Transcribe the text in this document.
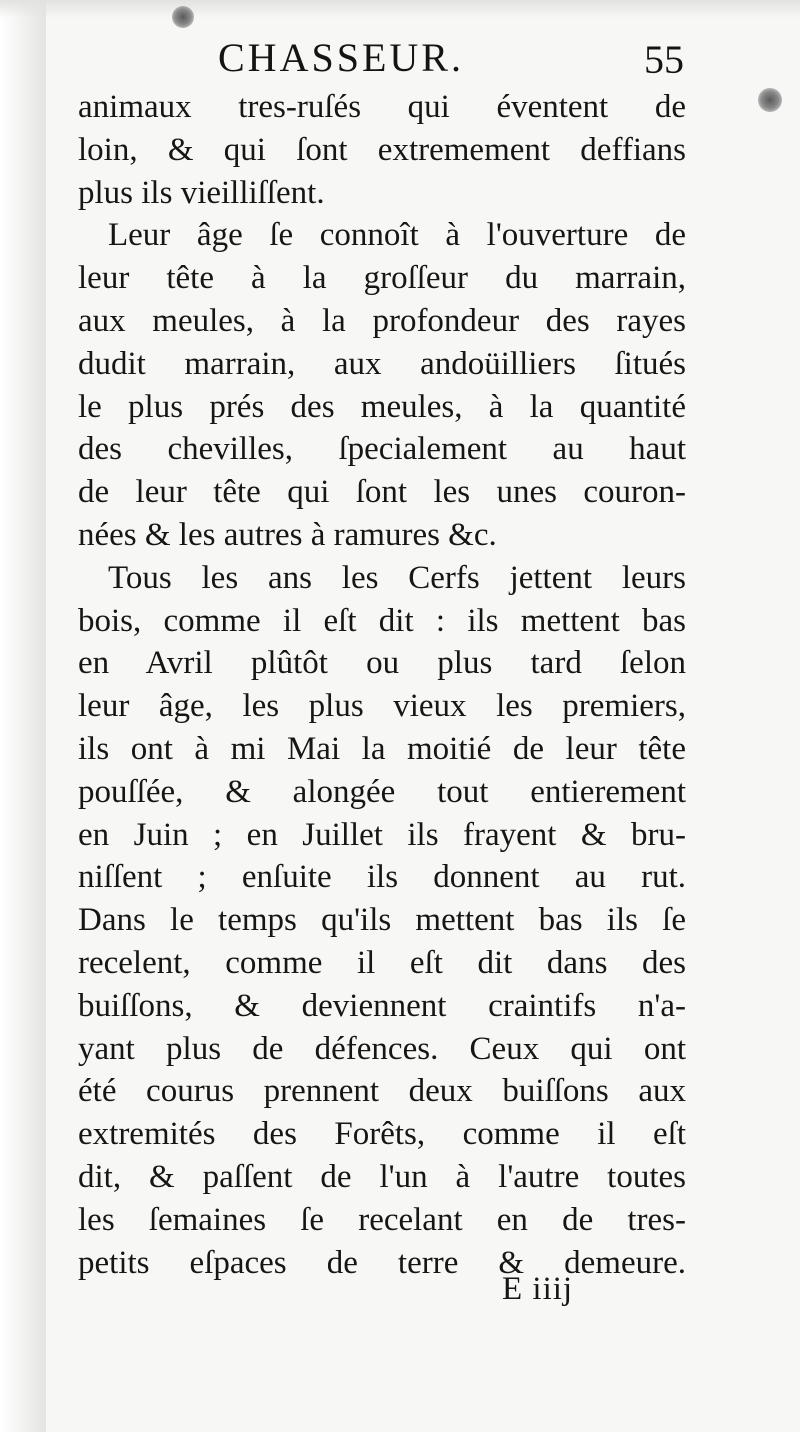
CHASSEUR.	55
animaux tres-ruſés qui éventent de
loin, & qui ſont extremement deffians
plus ils vieilliſſent.
Leur âge ſe connoît à l'ouverture de
leur tête à la groſſeur du marrain,
aux meules, à la profondeur des rayes
dudit marrain, aux andoüilliers ſitués
le plus prés des meules, à la quantité
des chevilles, ſpecialement au haut
de leur tête qui ſont les unes couron-
nées & les autres à ramures &c.
Tous les ans les Cerfs jettent leurs
bois, comme il eſt dit : ils mettent bas
en Avril plûtôt ou plus tard ſelon
leur âge, les plus vieux les premiers,
ils ont à mi Mai la moitié de leur tête
pouſſée, & alongée tout entierement
en Juin ; en Juillet ils frayent & bru-
niſſent ; enſuite ils donnent au rut.
Dans le temps qu'ils mettent bas ils ſe
recelent, comme il eſt dit dans des
buiſſons, & deviennent craintifs n'a-
yant plus de défences. Ceux qui ont
été courus prennent deux buiſſons aux
extremités des Forêts, comme il eſt
dit, & paſſent de l'un à l'autre toutes
les ſemaines ſe recelant en de tres-
petits eſpaces de terre & demeure.
E iiij
